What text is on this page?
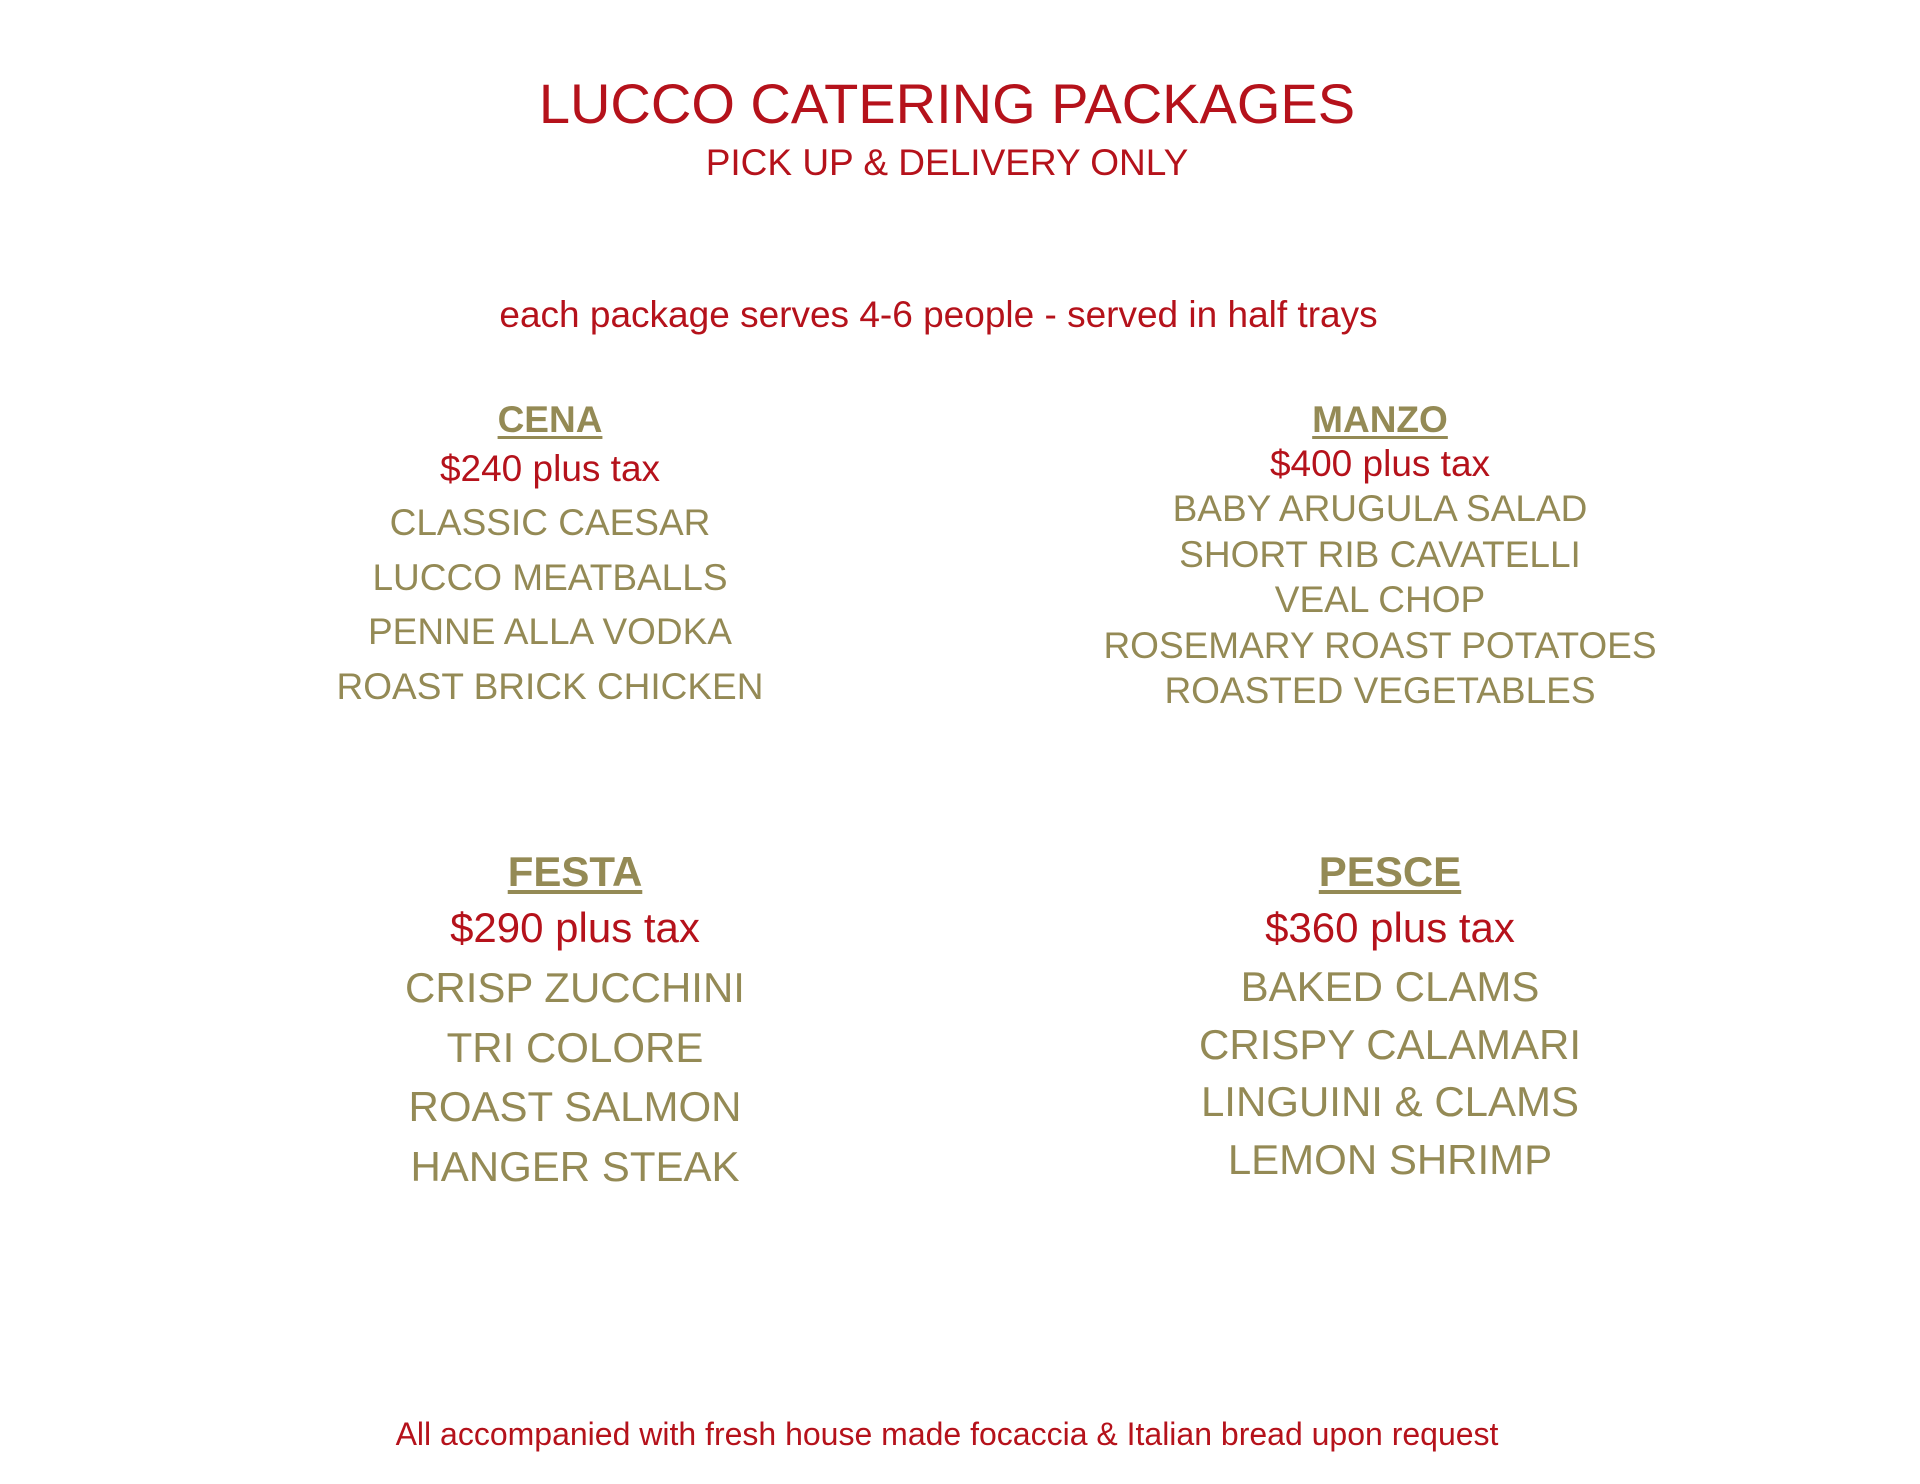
LUCCO CATERING PACKAGES
PICK UP & DELIVERY ONLY
each package serves 4-6 people - served in half trays
CENA
$240 plus tax
CLASSIC CAESAR
LUCCO MEATBALLS
PENNE ALLA VODKA
ROAST BRICK CHICKEN
MANZO
$400 plus tax
BABY ARUGULA SALAD
SHORT RIB CAVATELLI
VEAL CHOP
ROSEMARY ROAST POTATOES
ROASTED VEGETABLES
FESTA
$290 plus tax
CRISP ZUCCHINI
TRI COLORE
ROAST SALMON
HANGER STEAK
PESCE
$360 plus tax
BAKED CLAMS
CRISPY CALAMARI
LINGUINI & CLAMS
LEMON SHRIMP
All accompanied with fresh house made focaccia & Italian bread upon request
